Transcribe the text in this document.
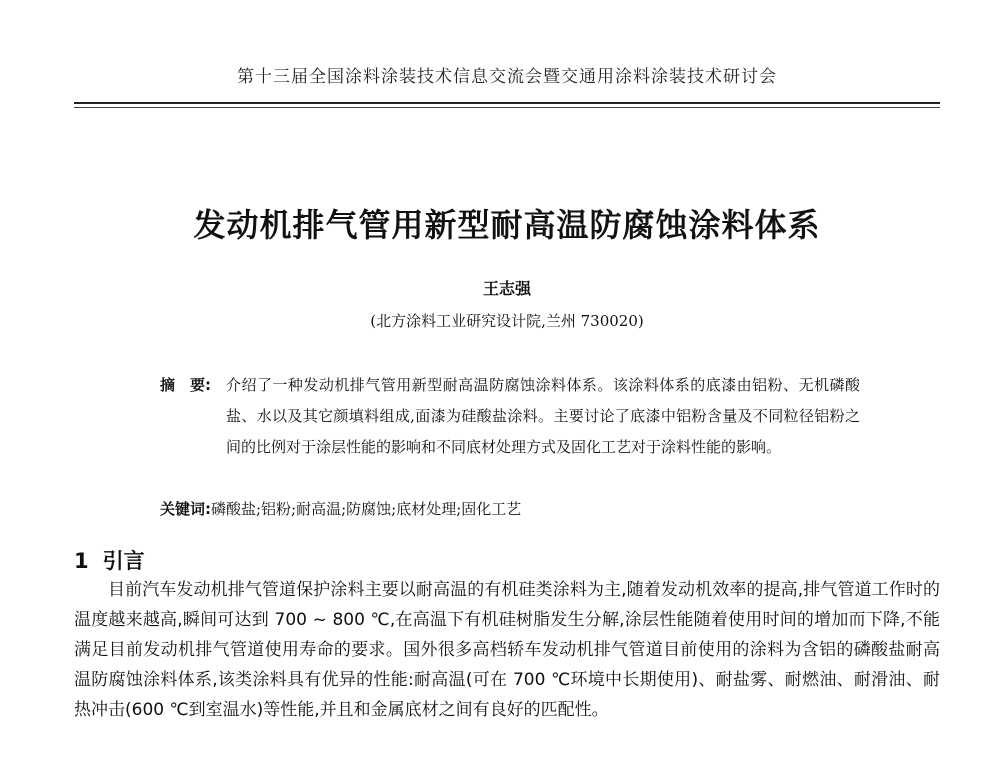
第十三届全国涂料涂装技术信息交流会暨交通用涂料涂装技术研讨会
发动机排气管用新型耐高温防腐蚀涂料体系
王志强
(北方涂料工业研究设计院,兰州 730020)
摘　要: 介绍了一种发动机排气管用新型耐高温防腐蚀涂料体系。该涂料体系的底漆由铝粉、无机磷酸盐、水以及其它颜填料组成,面漆为硅酸盐涂料。主要讨论了底漆中铝粉含量及不同粒径铝粉之间的比例对于涂层性能的影响和不同底材处理方式及固化工艺对于涂料性能的影响。
关键词:磷酸盐;铝粉;耐高温;防腐蚀;底材处理;固化工艺
1 引言
目前汽车发动机排气管道保护涂料主要以耐高温的有机硅类涂料为主,随着发动机效率的提高,排气管道工作时的温度越来越高,瞬间可达到 700 ~ 800 ℃,在高温下有机硅树脂发生分解,涂层性能随着使用时间的增加而下降,不能满足目前发动机排气管道使用寿命的要求。国外很多高档轿车发动机排气管道目前使用的涂料为含铝的磷酸盐耐高温防腐蚀涂料体系,该类涂料具有优异的性能:耐高温(可在 700 ℃环境中长期使用)、耐盐雾、耐燃油、耐滑油、耐热冲击(600 ℃到室温水)等性能,并且和金属底材之间有良好的匹配性。
